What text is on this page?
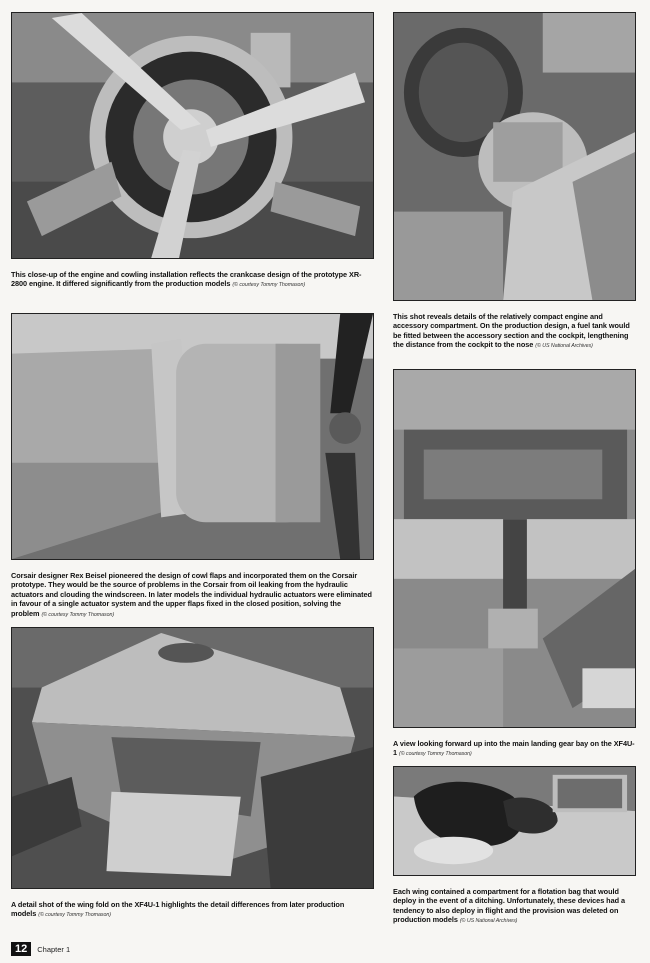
This close-up of the engine and cowling installation reflects the crankcase design of the prototype XR-2800 engine. It differed significantly from the production models (© courtesy Tommy Thomason)
This shot reveals details of the relatively compact engine and accessory compartment. On the production design, a fuel tank would be fitted between the accessory section and the cockpit, lengthening the distance from the cockpit to the nose (© US National Archives)
Corsair designer Rex Beisel pioneered the design of cowl flaps and incorporated them on the Corsair prototype. They would be the source of problems in the Corsair from oil leaking from the hydraulic actuators and clouding the windscreen. In later models the individual hydraulic actuators were eliminated in favour of a single actuator system and the upper flaps fixed in the closed position, solving the problem (© courtesy Tommy Thomason)
A view looking forward up into the main landing gear bay on the XF4U-1 (© courtesy Tommy Thomason)
A detail shot of the wing fold on the XF4U-1 highlights the detail differences from later production models (© courtesy Tommy Thomason)
Each wing contained a compartment for a flotation bag that would deploy in the event of a ditching. Unfortunately, these devices had a tendency to also deploy in flight and the provision was deleted on production models (© US National Archives)
12	Chapter 1
